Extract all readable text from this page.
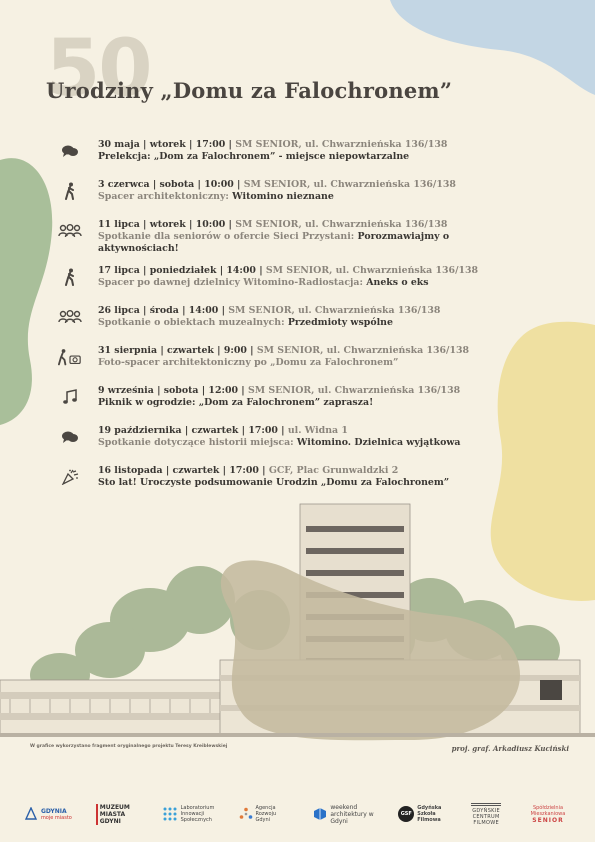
50
Urodziny „Domu za Falochronem”
30 maja | wtorek | 17:00 | SM SENIOR, ul. Chwarznieńska 136/138
Prelekcja: „Dom za Falochronem” - miejsce niepowtarzalne
3 czerwca | sobota | 10:00 | SM SENIOR, ul. Chwarznieńska 136/138
Spacer architektoniczny: Witomino nieznane
11 lipca | wtorek | 10:00 | SM SENIOR, ul. Chwarznieńska 136/138
Spotkanie dla seniorów o ofercie Sieci Przystani: Porozmawiajmy o aktywnościach!
17 lipca | poniedziałek | 14:00 | SM SENIOR, ul. Chwarznieńska 136/138
Spacer po dawnej dzielnicy Witomino-Radiostacja: Aneks o eks
26 lipca | środa | 14:00 | SM SENIOR, ul. Chwarznieńska 136/138
Spotkanie o obiektach muzealnych: Przedmioty wspólne
31 sierpnia | czwartek | 9:00 | SM SENIOR, ul. Chwarznieńska 136/138
Foto-spacer architektoniczny po „Domu za Falochronem”
9 września | sobota | 12:00 | SM SENIOR, ul. Chwarznieńska 136/138
Piknik w ogrodzie: „Dom za Falochronem” zaprasza!
19 października | czwartek | 17:00 | ul. Widna 1
Spotkanie dotyczące historii miejsca: Witomino. Dzielnica wyjątkowa
16 listopada | czwartek | 17:00 | GCF, Plac Grunwaldzki 2
Sto lat! Uroczyste podsumowanie Urodzin „Domu za Falochronem”
W grafice wykorzystano fragment oryginalnego projektu Teresy Kreiblewskiej	proj. graf. Arkadiusz Kuciński
GDYNIA
moje miasto
MUZEUM MIASTA GDYNI
Laboratorium Innowacji Społecznych
Agencja Rozwoju Gdyni
weekend architektury w Gdyni
GSF
Gdyńska Szkoła Filmowa
GDYŃSKIE CENTRUM FILMOWE
Spółdzielnia Mieszkaniowa
SENIOR
